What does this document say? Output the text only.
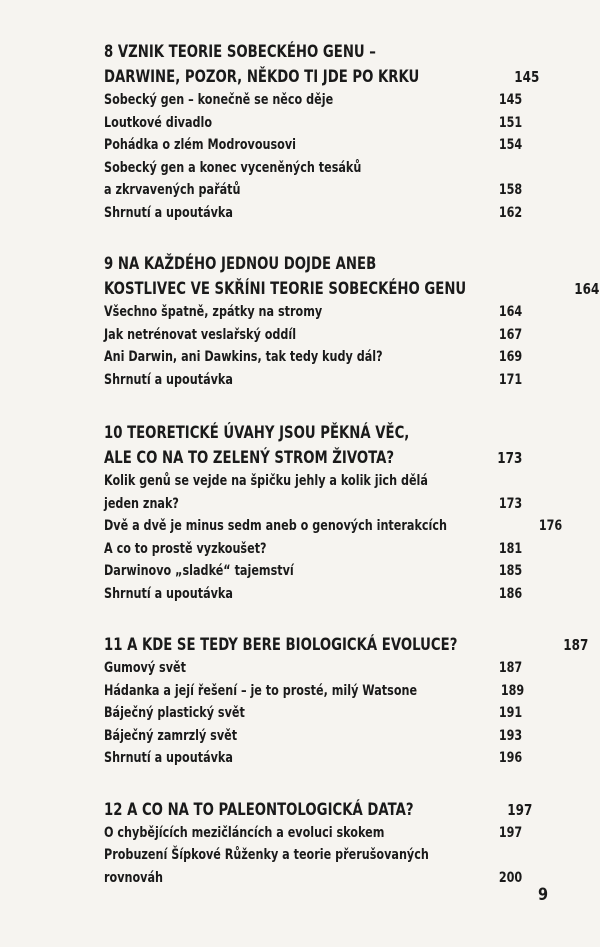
8 VZNIK TEORIE SOBECKÉHO GENU –
DARWINE, POZOR, NĚKDO TI JDE PO KRKU	145
Sobecký gen – konečně se něco děje	145
Loutkové divadlo	151
Pohádka o zlém Modrovousovi	154
Sobecký gen a konec vyceněných tesáků
a zkrvavených pařátů	158
Shrnutí a upoutávka	162
9 NA KAŽDÉHO JEDNOU DOJDE ANEB
KOSTLIVEC VE SKŘÍNI TEORIE SOBECKÉHO GENU	164
Všechno špatně, zpátky na stromy	164
Jak netrénovat veslařský oddíl	167
Ani Darwin, ani Dawkins, tak tedy kudy dál?	169
Shrnutí a upoutávka	171
10 TEORETICKÉ ÚVAHY JSOU PĚKNÁ VĚC,
ALE CO NA TO ZELENÝ STROM ŽIVOTA?	173
Kolik genů se vejde na špičku jehly a kolik jich dělá
jeden znak?	173
Dvě a dvě je minus sedm aneb o genových interakcích	176
A co to prostě vyzkoušet?	181
Darwinovo „sladké“ tajemství	185
Shrnutí a upoutávka	186
11 A KDE SE TEDY BERE BIOLOGICKÁ EVOLUCE?	187
Gumový svět	187
Hádanka a její řešení – je to prosté, milý Watsone	189
Báječný plastický svět	191
Báječný zamrzlý svět	193
Shrnutí a upoutávka	196
12 A CO NA TO PALEONTOLOGICKÁ DATA?	197
O chybějících mezičláncích a evoluci skokem	197
Probuzení Šípkové Růženky a teorie přerušovaných
rovnováh	200
9
